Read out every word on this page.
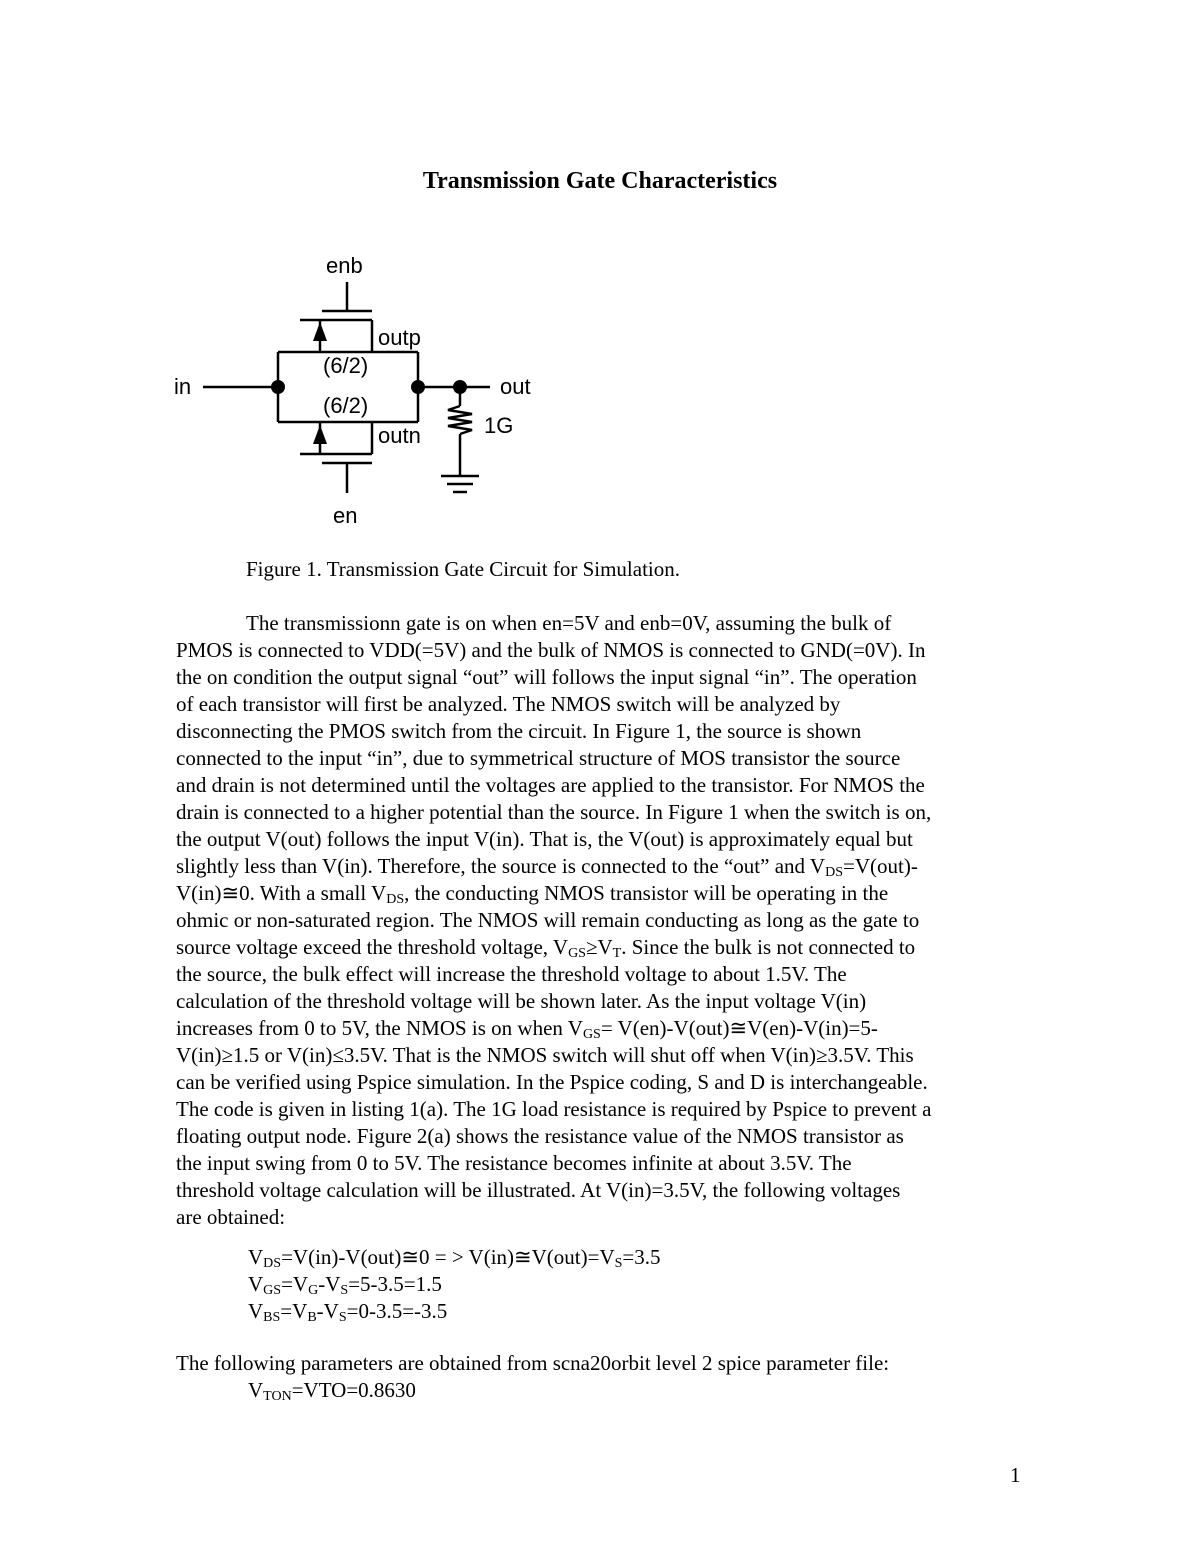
Transmission Gate Characteristics
enb
outp
(6/2)
in	out
(6/2)
1G
outn
en
Figure 1. Transmission Gate Circuit for Simulation.
The transmissionn gate is on when en=5V and enb=0V, assuming the bulk of
PMOS is connected to VDD(=5V) and the bulk of NMOS is connected to GND(=0V). In
the on condition the output signal “out” will follows the input signal “in”. The operation
of each transistor will first be analyzed. The NMOS switch will be analyzed by
disconnecting the PMOS switch from the circuit. In Figure 1, the source is shown
connected to the input “in”, due to symmetrical structure of MOS transistor the source
and drain is not determined until the voltages are applied to the transistor. For NMOS the
drain is connected to a higher potential than the source. In Figure 1 when the switch is on,
the output V(out) follows the input V(in). That is, the V(out) is approximately equal but
slightly less than V(in). Therefore, the source is connected to the “out” and $V_{DS}=V(out)-$
V(in)≅0. With a small $V_{DS}$, the conducting NMOS transistor will be operating in the
ohmic or non-saturated region. The NMOS will remain conducting as long as the gate to
source voltage exceed the threshold voltage, $V_{GS}\ge V_T$. Since the bulk is not connected to
the source, the bulk effect will increase the threshold voltage to about 1.5V. The
calculation of the threshold voltage will be shown later. As the input voltage V(in)
increases from 0 to 5V, the NMOS is on when $V_{GS}=$ V(en)-V(out)≅V(en)-V(in)=5-
V(in)≥1.5 or V(in)≤3.5V. That is the NMOS switch will shut off when V(in)≥3.5V. This
can be verified using Pspice simulation. In the Pspice coding, S and D is interchangeable.
The code is given in listing 1(a). The 1G load resistance is required by Pspice to prevent a
floating output node. Figure 2(a) shows the resistance value of the NMOS transistor as
the input swing from 0 to 5V. The resistance becomes infinite at about 3.5V. The
threshold voltage calculation will be illustrated. At V(in)=3.5V, the following voltages
are obtained:
$V_{DS}=V(in)-V(out)≅0$ = > $V(in)≅V(out)=V_S=3.5$
$V_{GS}=V_G-V_S=5-3.5=1.5$
$V_{BS}=V_B-V_S=0-3.5=-3.5$
The following parameters are obtained from scna20orbit level 2 spice parameter file:
$V_{TON}=VTO=0.8630$
1
